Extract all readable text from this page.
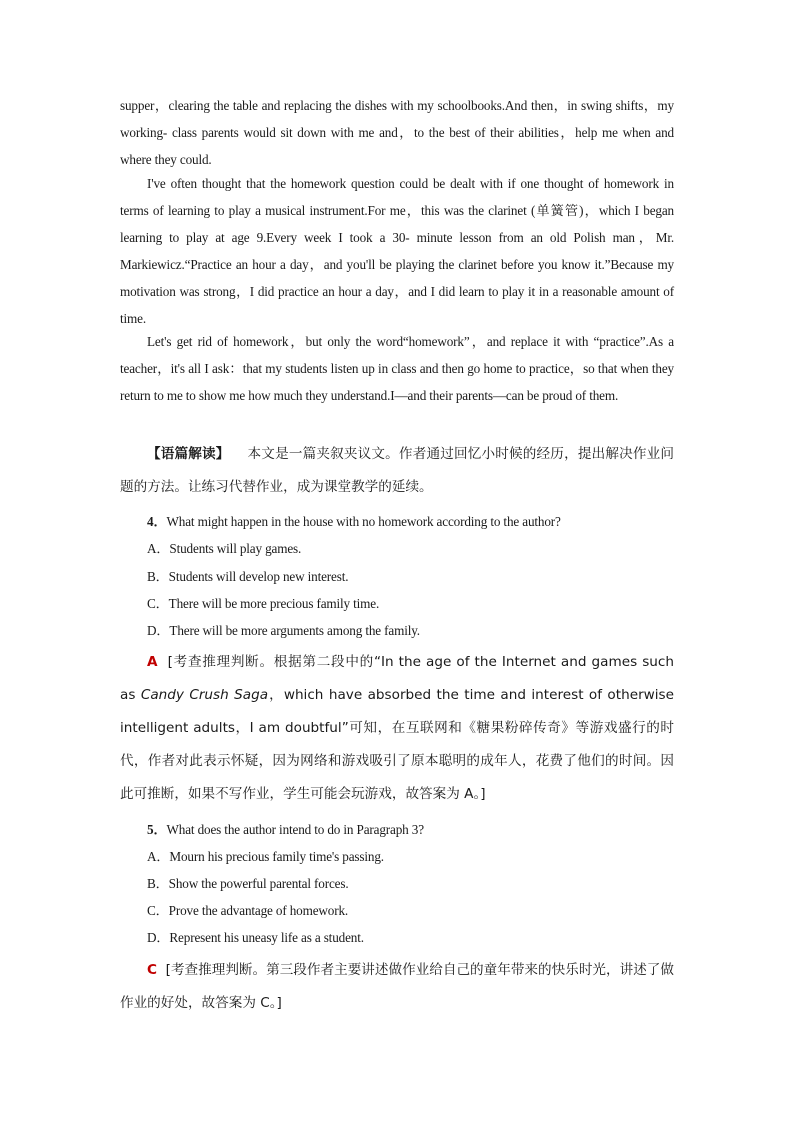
supper，clearing the table and replacing the dishes with my schoolbooks.And then，in swing shifts，my working- class parents would sit down with me and，to the best of their abilities，help me when and where they could.

I've often thought that the homework question could be dealt with if one thought of homework in terms of learning to play a musical instrument.For me，this was the clarinet (单簧管)，which I began learning to play at age 9.Every week I took a 30- minute lesson from an old Polish man，Mr. Markiewicz.“Practice an hour a day，and you'll be playing the clarinet before you know it.”Because my motivation was strong，I did practice an hour a day，and I did learn to play it in a reasonable amount of time.

Let's get rid of homework，but only the word“homework”，and replace it with “practice”.As a teacher，it's all I ask：that my students listen up in class and then go home to practice，so that when they return to me to show me how much they understand.I—and their parents—can be proud of them.

【语篇解读】 本文是一篇夹叙夹议文。作者通过回忆小时候的经历，提出解决作业问题的方法。让练习代替作业，成为课堂教学的延续。

4．What might happen in the house with no homework according to the author?
A．Students will play games.
B．Students will develop new interest.
C．There will be more precious family time.
D．There will be more arguments among the family.

A [考查推理判断。根据第二段中的“In the age of the Internet and games such as Candy Crush Saga，which have absorbed the time and interest of otherwise intelligent adults，I am doubtful”可知，在互联网和《糖果粉碎传奇》等游戏盛行的时代，作者对此表示怀疑，因为网络和游戏吸引了原本聪明的成年人，花费了他们的时间。因此可推断，如果不写作业，学生可能会玩游戏，故答案为 A。]

5．What does the author intend to do in Paragraph 3?
A．Mourn his precious family time's passing.
B．Show the powerful parental forces.
C．Prove the advantage of homework.
D．Represent his uneasy life as a student.

C [考查推理判断。第三段作者主要讲述做作业给自己的童年带来的快乐时光，讲述了做作业的好处，故答案为 C。]
